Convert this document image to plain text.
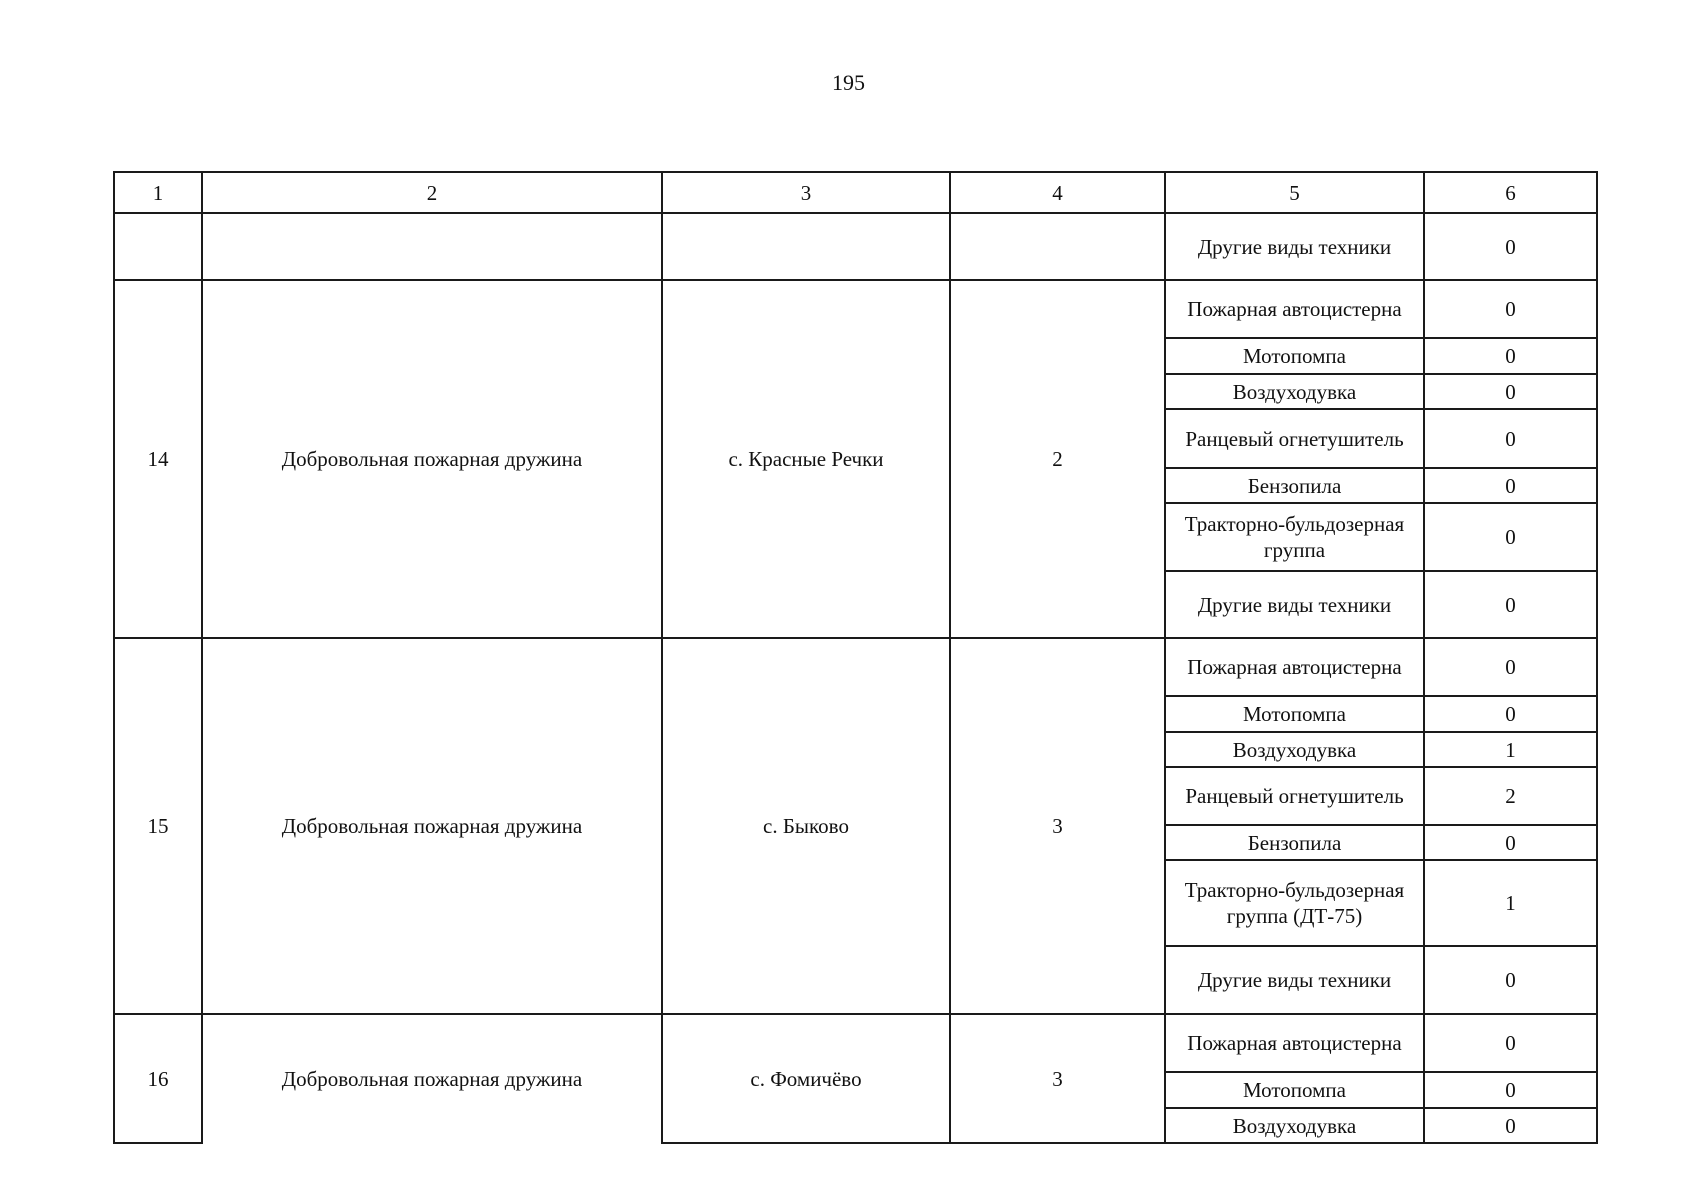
195
1	2	3	4	5	6
				Другие виды техники	0
14	Добровольная пожарная дружина	с. Красные Речки	2	Пожарная автоцистерна	0
				Мотопомпа	0
				Воздуходувка	0
				Ранцевый огнетушитель	0
				Бензопила	0
				Тракторно-бульдозерная группа	0
				Другие виды техники	0
15	Добровольная пожарная дружина	с. Быково	3	Пожарная автоцистерна	0
				Мотопомпа	0
				Воздуходувка	1
				Ранцевый огнетушитель	2
				Бензопила	0
				Тракторно-бульдозерная группа (ДТ-75)	1
				Другие виды техники	0
16	Добровольная пожарная дружина	с. Фомичёво	3	Пожарная автоцистерна	0
				Мотопомпа	0
				Воздуходувка	0
